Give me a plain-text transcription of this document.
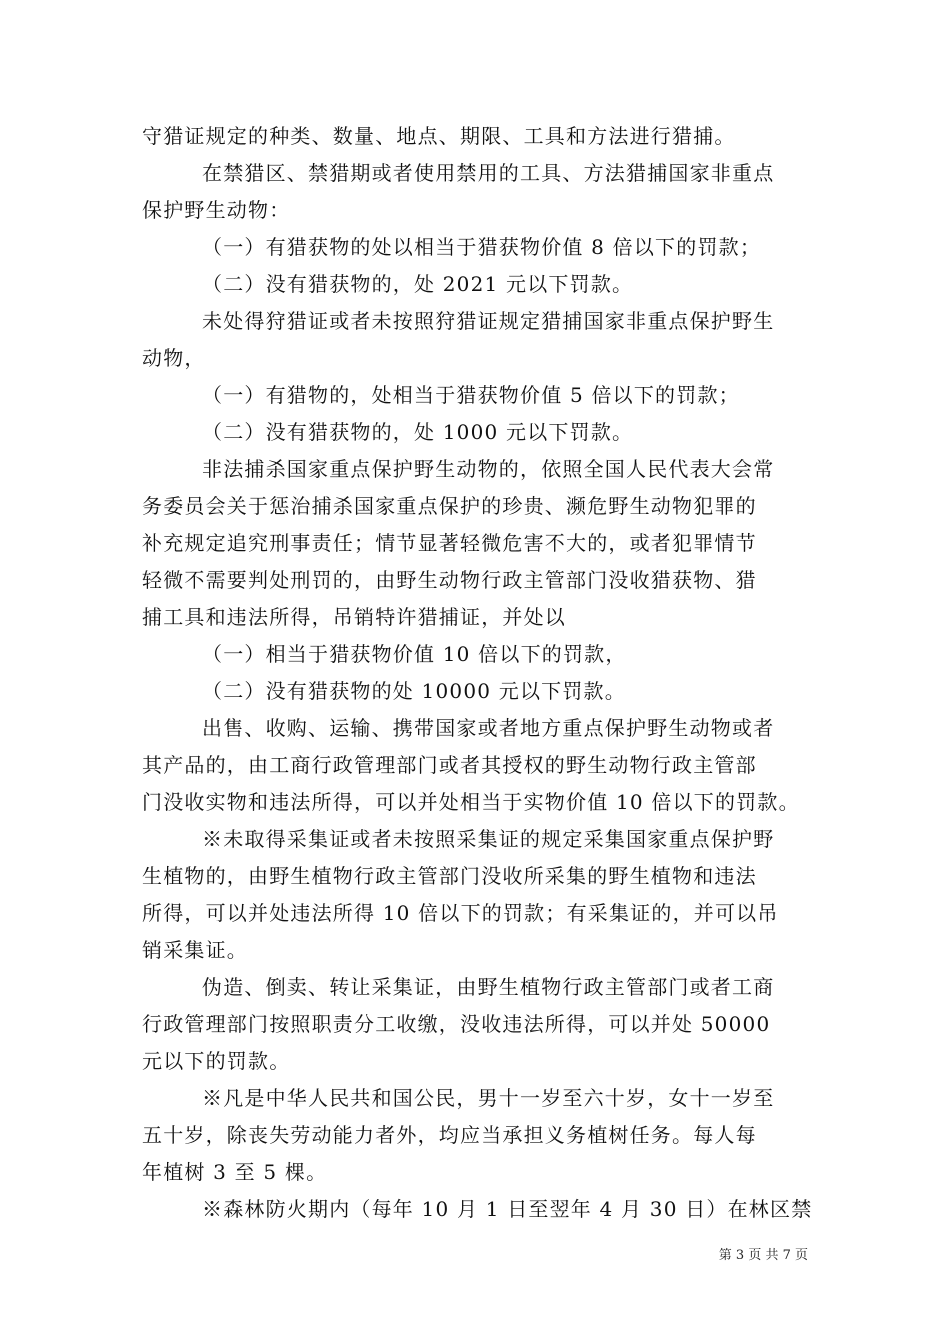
守猎证规定的种类、数量、地点、期限、工具和方法进行猎捕。
在禁猎区、禁猎期或者使用禁用的工具、方法猎捕国家非重点
保护野生动物：
（一）有猎获物的处以相当于猎获物价值 8 倍以下的罚款；
（二）没有猎获物的，处 2021 元以下罚款。
未处得狩猎证或者未按照狩猎证规定猎捕国家非重点保护野生
动物，
（一）有猎物的，处相当于猎获物价值 5 倍以下的罚款；
（二）没有猎获物的，处 1000 元以下罚款。
非法捕杀国家重点保护野生动物的，依照全国人民代表大会常
务委员会关于惩治捕杀国家重点保护的珍贵、濒危野生动物犯罪的
补充规定追究刑事责任；情节显著轻微危害不大的，或者犯罪情节
轻微不需要判处刑罚的，由野生动物行政主管部门没收猎获物、猎
捕工具和违法所得，吊销特许猎捕证，并处以
（一）相当于猎获物价值 10 倍以下的罚款，
（二）没有猎获物的处 10000 元以下罚款。
出售、收购、运输、携带国家或者地方重点保护野生动物或者
其产品的，由工商行政管理部门或者其授权的野生动物行政主管部
门没收实物和违法所得，可以并处相当于实物价值 10 倍以下的罚款。
※未取得采集证或者未按照采集证的规定采集国家重点保护野
生植物的，由野生植物行政主管部门没收所采集的野生植物和违法
所得，可以并处违法所得 10 倍以下的罚款；有采集证的，并可以吊
销采集证。
伪造、倒卖、转让采集证，由野生植物行政主管部门或者工商
行政管理部门按照职责分工收缴，没收违法所得，可以并处 50000
元以下的罚款。
※凡是中华人民共和国公民，男十一岁至六十岁，女十一岁至
五十岁，除丧失劳动能力者外，均应当承担义务植树任务。每人每
年植树 3 至 5 棵。
※森林防火期内（每年 10 月 1 日至翌年 4 月 30 日）在林区禁
第 3 页 共 7 页
